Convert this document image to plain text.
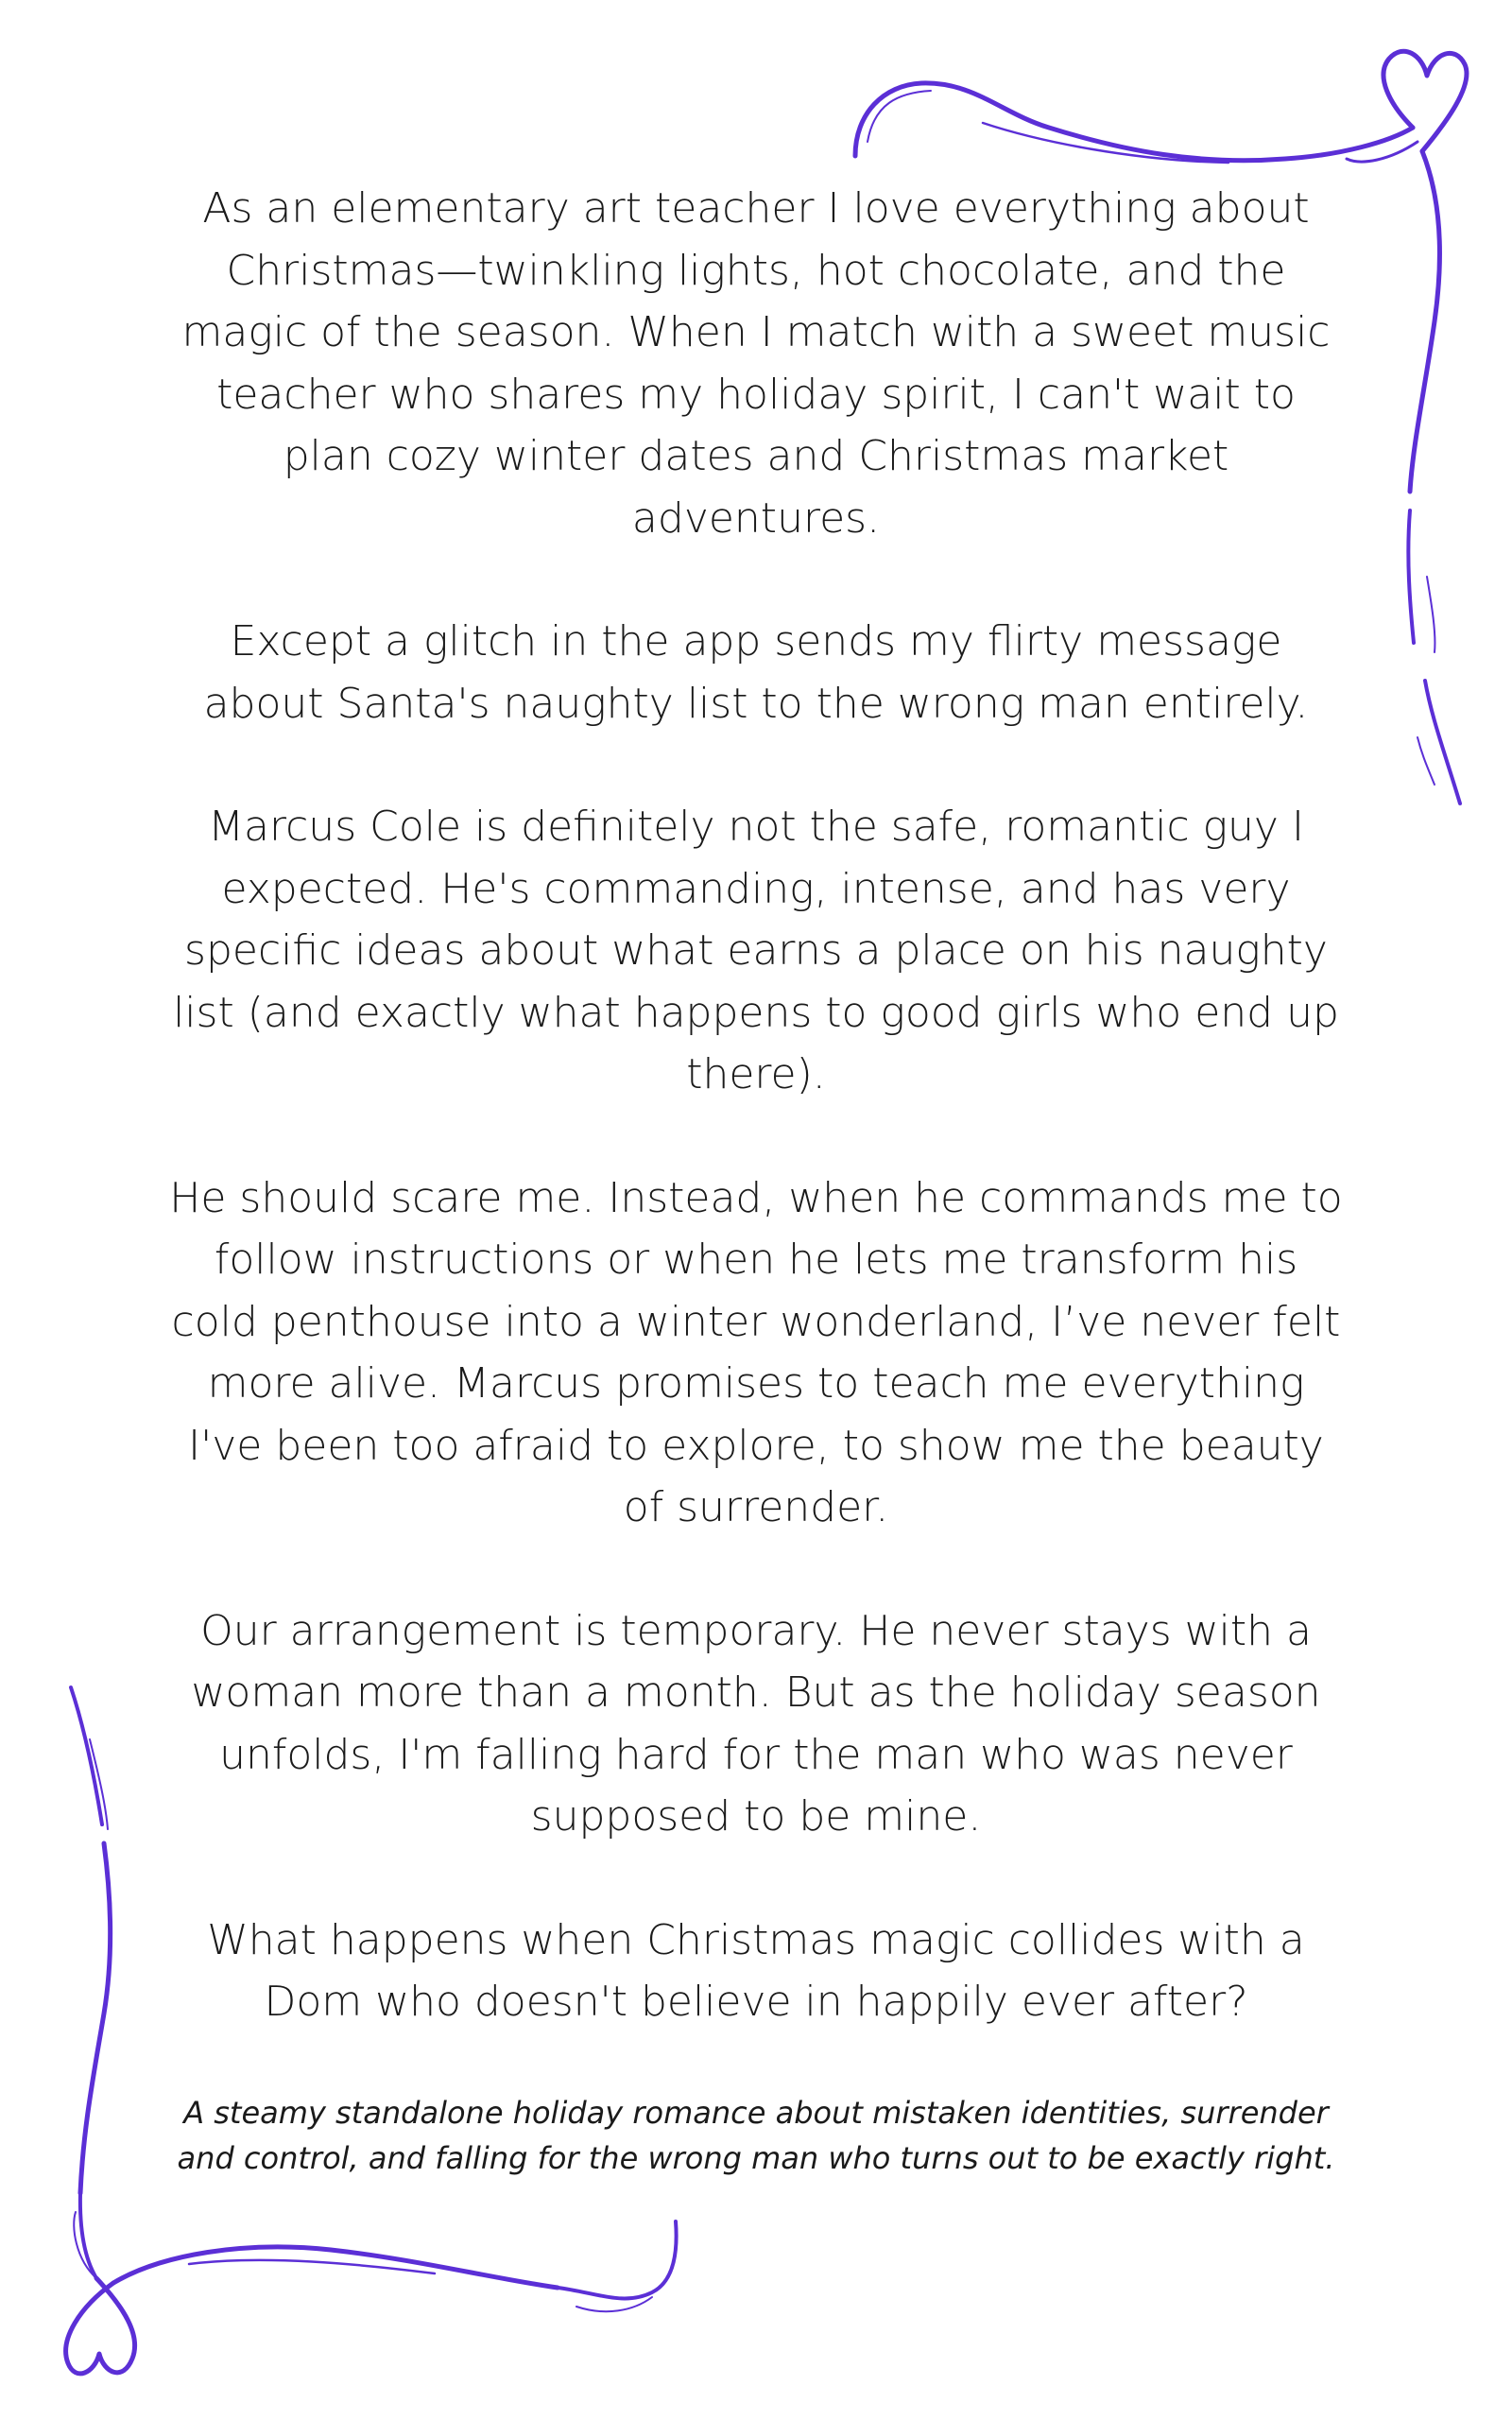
As an elementary art teacher I love everything about Christmas—twinkling lights, hot chocolate, and the magic of the season. When I match with a sweet music teacher who shares my holiday spirit, I can't wait to plan cozy winter dates and Christmas market adventures.

Except a glitch in the app sends my flirty message about Santa's naughty list to the wrong man entirely.

Marcus Cole is definitely not the safe, romantic guy I expected. He's commanding, intense, and has very specific ideas about what earns a place on his naughty list (and exactly what happens to good girls who end up there).

He should scare me. Instead, when he commands me to follow instructions or when he lets me transform his cold penthouse into a winter wonderland, I’ve never felt more alive. Marcus promises to teach me everything I've been too afraid to explore, to show me the beauty of surrender.

Our arrangement is temporary. He never stays with a woman more than a month. But as the holiday season unfolds, I'm falling hard for the man who was never supposed to be mine.

What happens when Christmas magic collides with a Dom who doesn't believe in happily ever after?

A steamy standalone holiday romance about mistaken identities, surrender and control, and falling for the wrong man who turns out to be exactly right.
